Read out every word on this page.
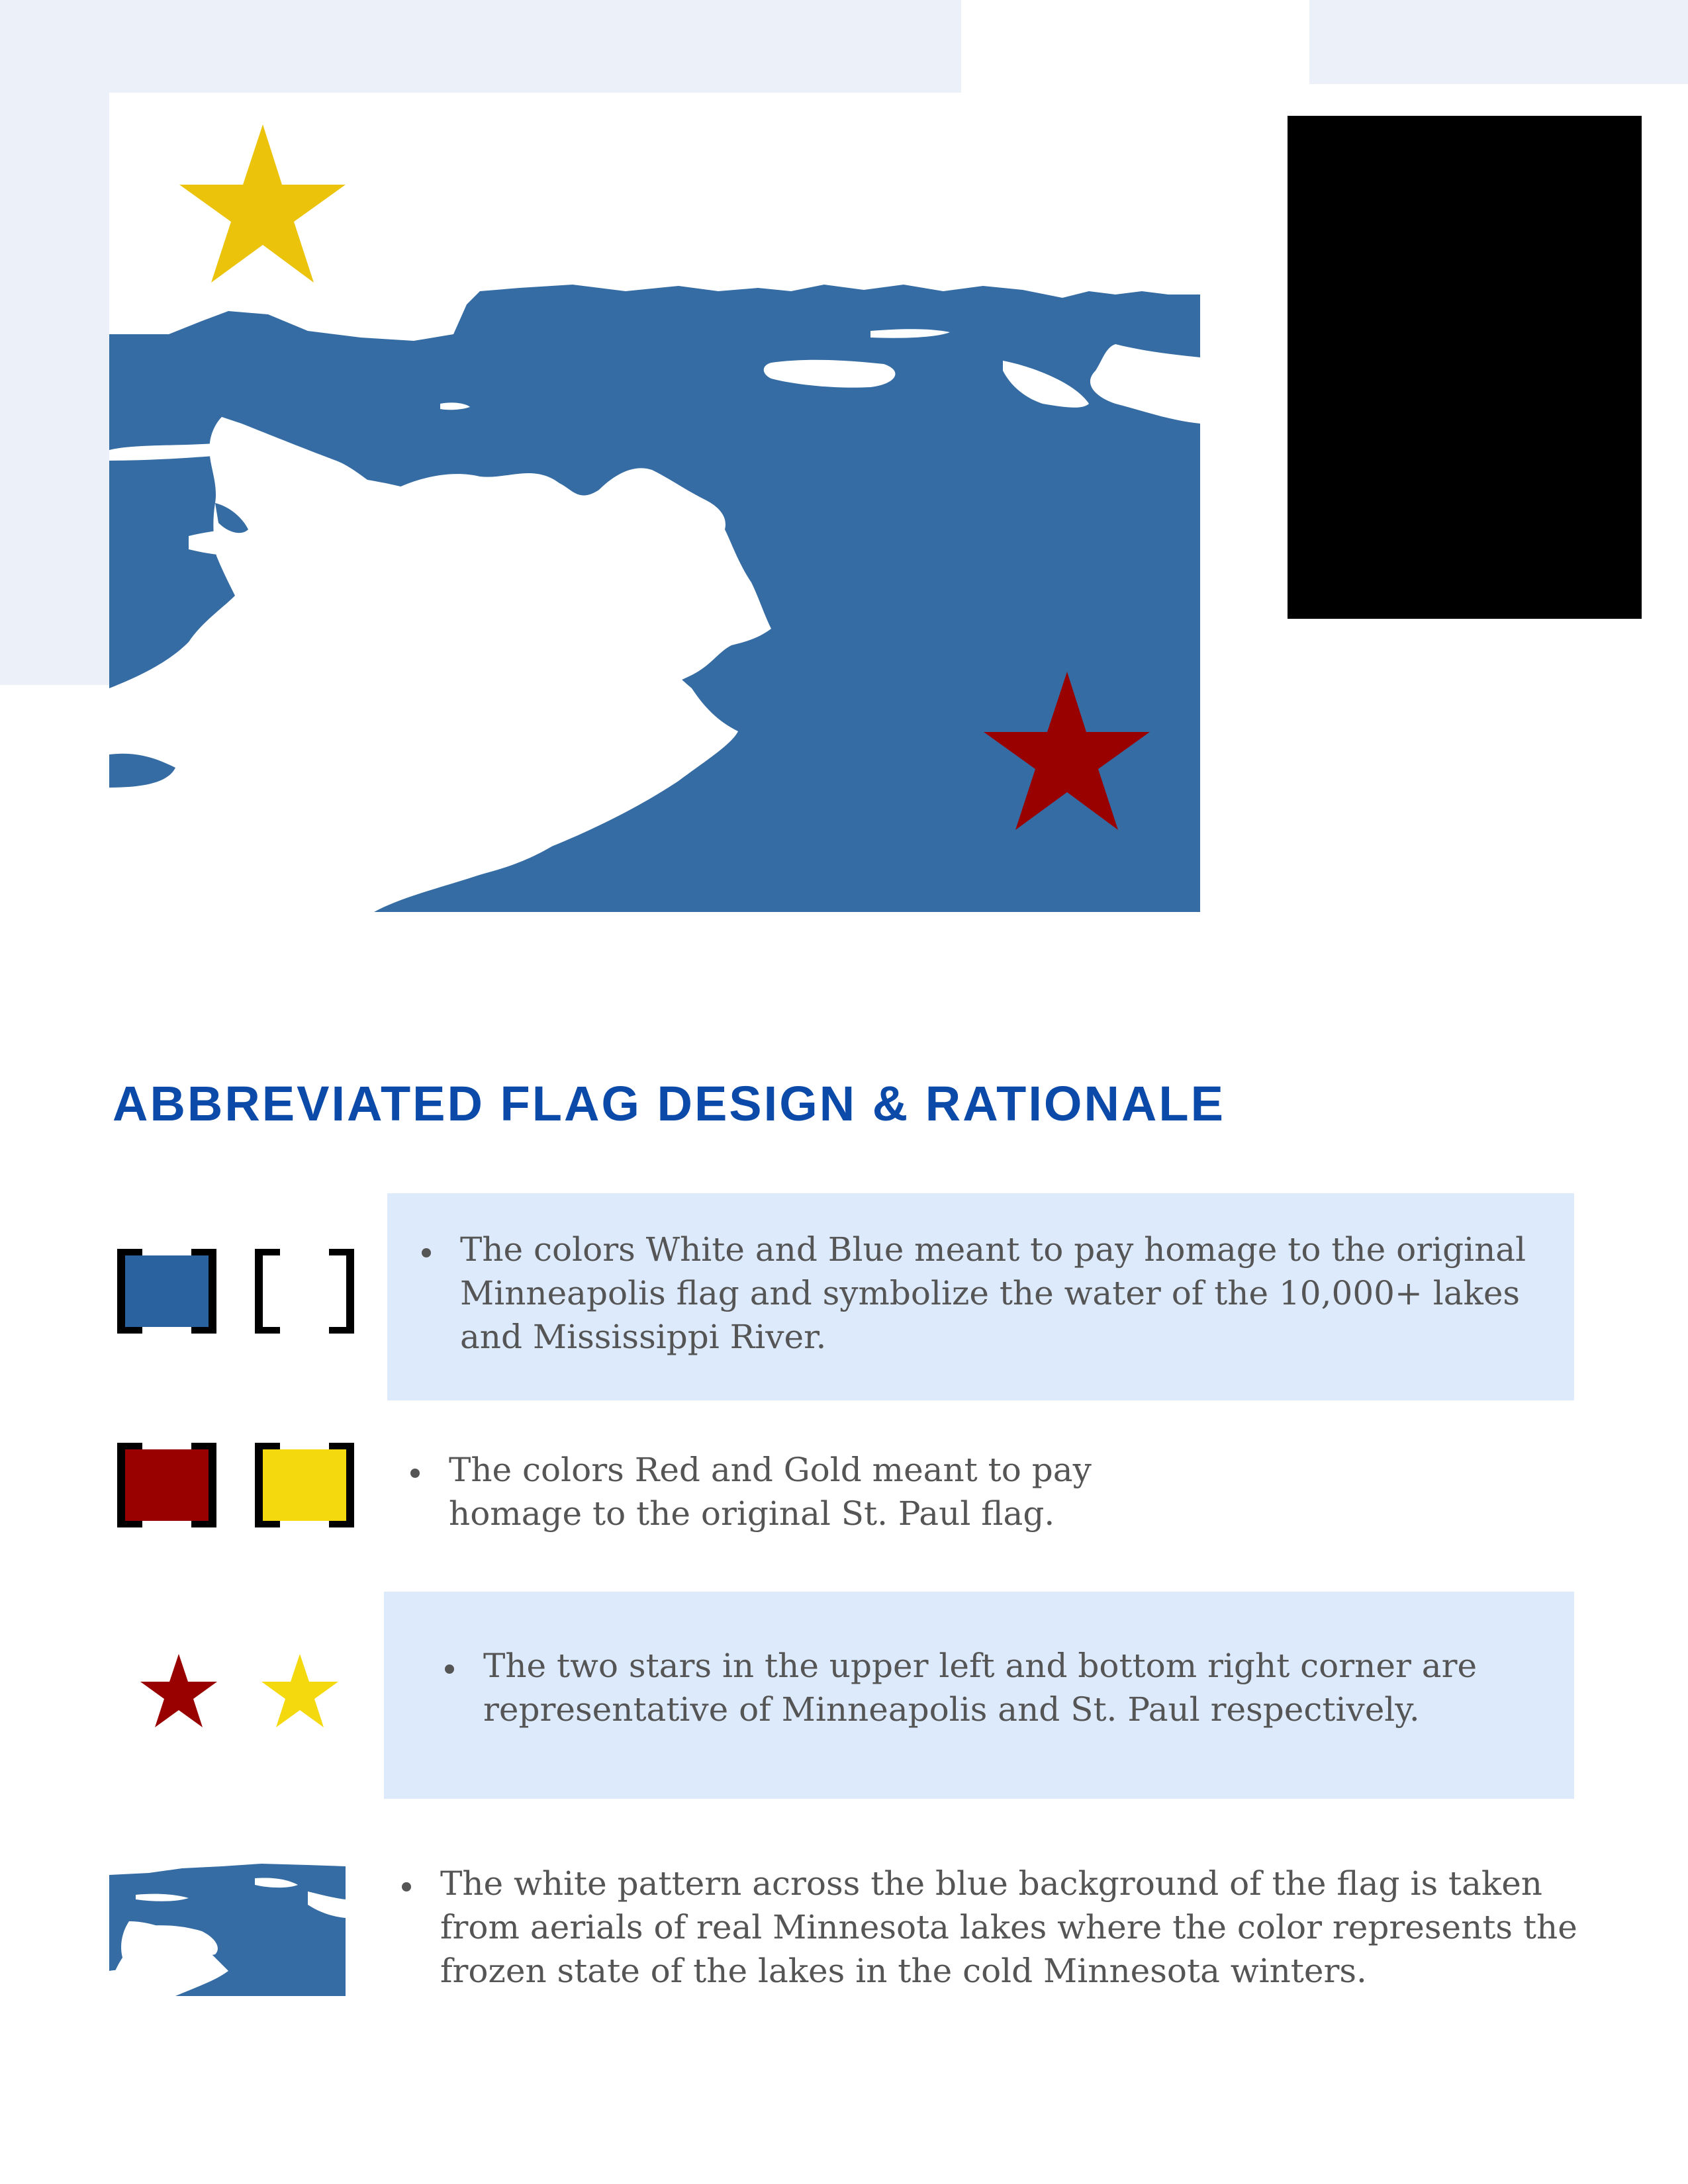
ABBREVIATED FLAG DESIGN & RATIONALE
The colors White and Blue meant to pay homage to the original Minneapolis flag and symbolize the water of the 10,000+ lakes and Mississippi River.
The colors Red and Gold meant to pay homage to the original St. Paul flag.
The two stars in the upper left and bottom right corner are representative of Minneapolis and St. Paul respectively.
The white pattern across the blue background of the flag is taken from aerials of real Minnesota lakes where the color represents the frozen state of the lakes in the cold Minnesota winters.
